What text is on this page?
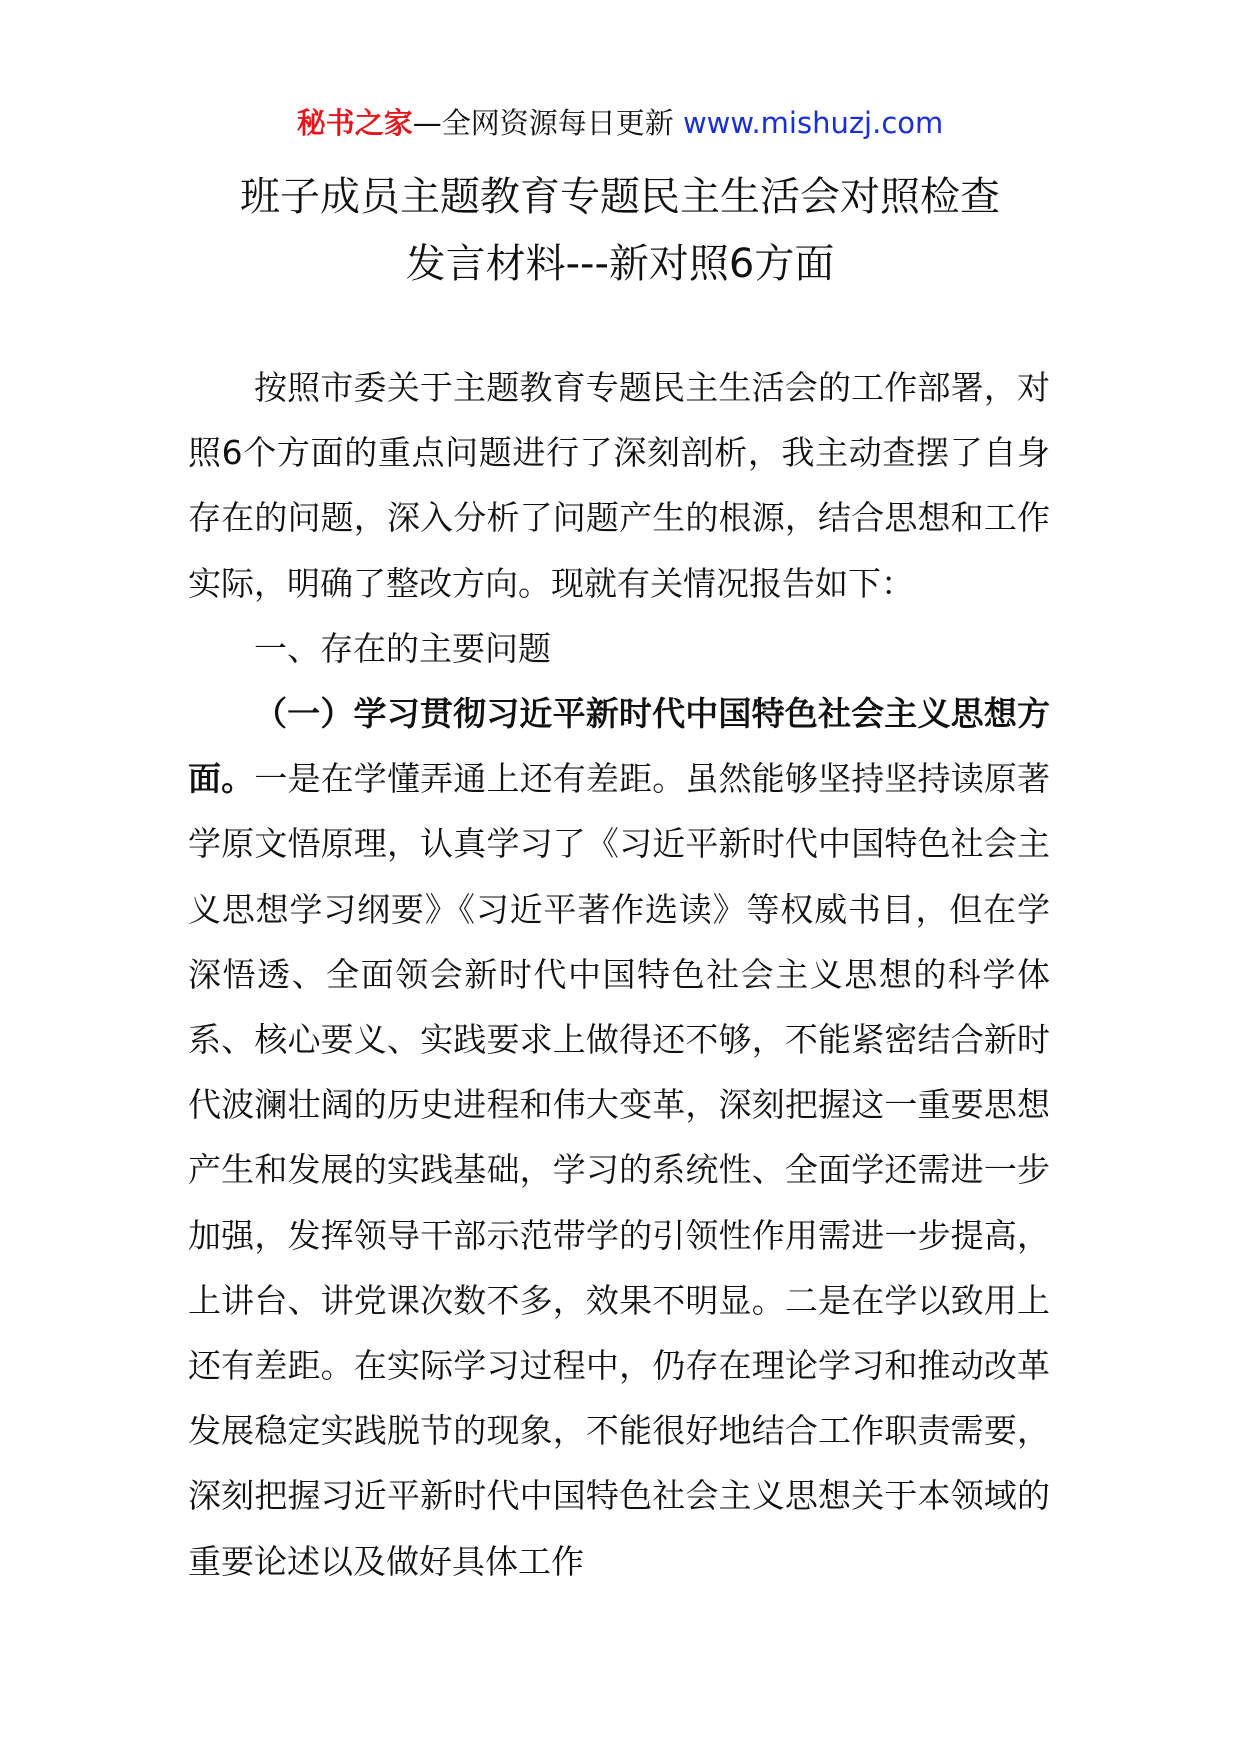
秘书之家—全网资源每日更新 www.mishuzj.com
班子成员主题教育专题民主生活会对照检查
发言材料---新对照6方面

按照市委关于主题教育专题民主生活会的工作部署，对照6个方面的重点问题进行了深刻剖析，我主动查摆了自身存在的问题，深入分析了问题产生的根源，结合思想和工作实际，明确了整改方向。现就有关情况报告如下：

一、存在的主要问题

（一）学习贯彻习近平新时代中国特色社会主义思想方面。一是在学懂弄通上还有差距。虽然能够坚持坚持读原著学原文悟原理，认真学习了《习近平新时代中国特色社会主义思想学习纲要》《习近平著作选读》等权威书目，但在学深悟透、全面领会新时代中国特色社会主义思想的科学体系、核心要义、实践要求上做得还不够，不能紧密结合新时代波澜壮阔的历史进程和伟大变革，深刻把握这一重要思想产生和发展的实践基础，学习的系统性、全面学还需进一步加强，发挥领导干部示范带学的引领性作用需进一步提高，上讲台、讲党课次数不多，效果不明显。二是在学以致用上还有差距。在实际学习过程中，仍存在理论学习和推动改革发展稳定实践脱节的现象，不能很好地结合工作职责需要，深刻把握习近平新时代中国特色社会主义思想关于本领域的重要论述以及做好具体工作
